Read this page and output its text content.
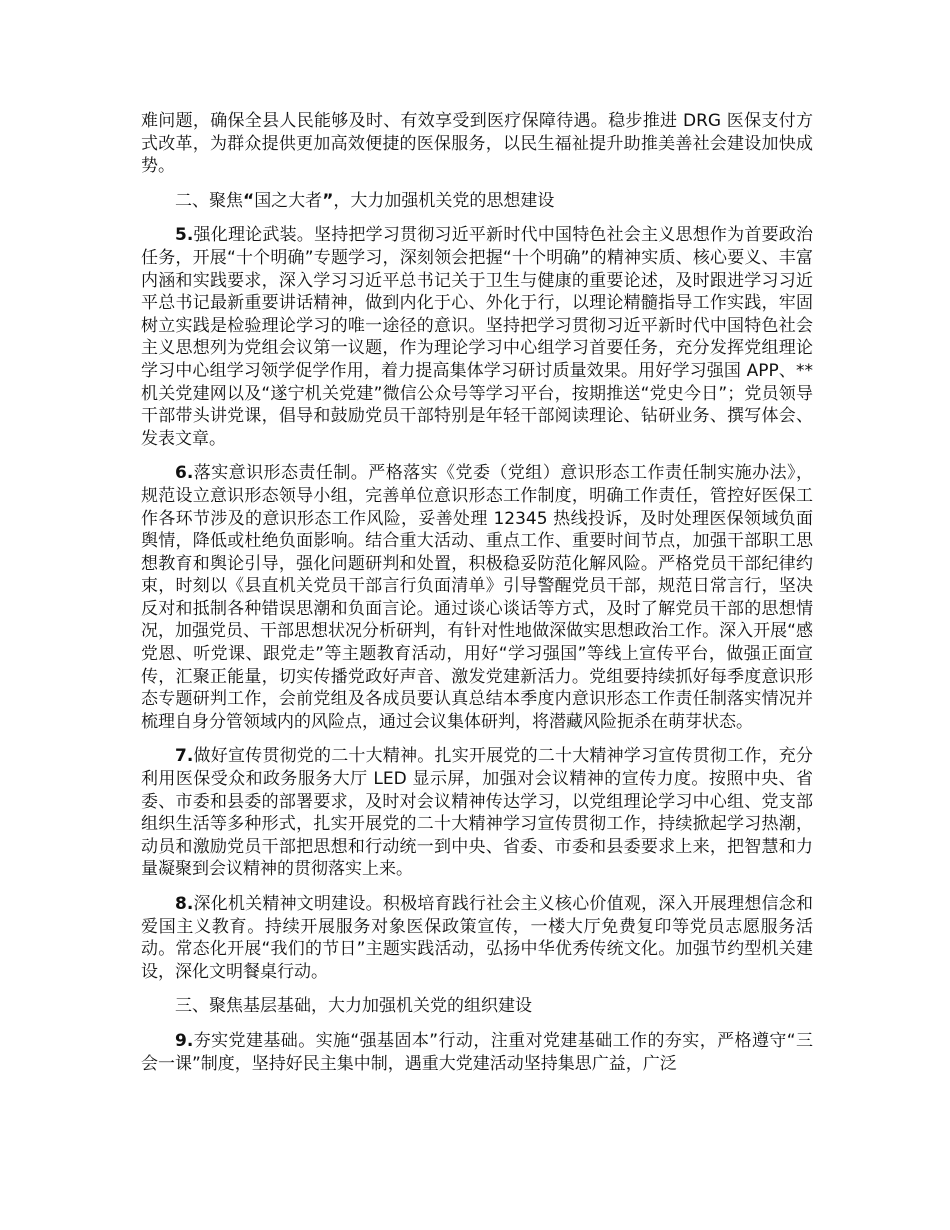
难问题，确保全县人民能够及时、有效享受到医疗保障待遇。稳步推进 DRG 医保支付方式改革，为群众提供更加高效便捷的医保服务，以民生福祉提升助推美善社会建设加快成势。

二、聚焦“国之大者”，大力加强机关党的思想建设

5.强化理论武装。坚持把学习贯彻习近平新时代中国特色社会主义思想作为首要政治任务，开展“十个明确”专题学习，深刻领会把握“十个明确”的精神实质、核心要义、丰富内涵和实践要求，深入学习习近平总书记关于卫生与健康的重要论述，及时跟进学习习近平总书记最新重要讲话精神，做到内化于心、外化于行，以理论精髓指导工作实践，牢固树立实践是检验理论学习的唯一途径的意识。坚持把学习贯彻习近平新时代中国特色社会主义思想列为党组会议第一议题，作为理论学习中心组学习首要任务，充分发挥党组理论学习中心组学习领学促学作用，着力提高集体学习研讨质量效果。用好学习强国 APP、**机关党建网以及“遂宁机关党建”微信公众号等学习平台，按期推送“党史今日”；党员领导干部带头讲党课，倡导和鼓励党员干部特别是年轻干部阅读理论、钻研业务、撰写体会、发表文章。

6.落实意识形态责任制。严格落实《党委（党组）意识形态工作责任制实施办法》，规范设立意识形态领导小组，完善单位意识形态工作制度，明确工作责任，管控好医保工作各环节涉及的意识形态工作风险，妥善处理 12345 热线投诉，及时处理医保领域负面舆情，降低或杜绝负面影响。结合重大活动、重点工作、重要时间节点，加强干部职工思想教育和舆论引导，强化问题研判和处置，积极稳妥防范化解风险。严格党员干部纪律约束，时刻以《县直机关党员干部言行负面清单》引导警醒党员干部，规范日常言行，坚决反对和抵制各种错误思潮和负面言论。通过谈心谈话等方式，及时了解党员干部的思想情况，加强党员、干部思想状况分析研判，有针对性地做深做实思想政治工作。深入开展“感党恩、听党课、跟党走”等主题教育活动，用好“学习强国”等线上宣传平台，做强正面宣传，汇聚正能量，切实传播党政好声音、激发党建新活力。党组要持续抓好每季度意识形态专题研判工作，会前党组及各成员要认真总结本季度内意识形态工作责任制落实情况并梳理自身分管领域内的风险点，通过会议集体研判，将潜藏风险扼杀在萌芽状态。

7.做好宣传贯彻党的二十大精神。扎实开展党的二十大精神学习宣传贯彻工作，充分利用医保受众和政务服务大厅 LED 显示屏，加强对会议精神的宣传力度。按照中央、省委、市委和县委的部署要求，及时对会议精神传达学习，以党组理论学习中心组、党支部组织生活等多种形式，扎实开展党的二十大精神学习宣传贯彻工作，持续掀起学习热潮，动员和激励党员干部把思想和行动统一到中央、省委、市委和县委要求上来，把智慧和力量凝聚到会议精神的贯彻落实上来。

8.深化机关精神文明建设。积极培育践行社会主义核心价值观，深入开展理想信念和爱国主义教育。持续开展服务对象医保政策宣传，一楼大厅免费复印等党员志愿服务活动。常态化开展“我们的节日”主题实践活动，弘扬中华优秀传统文化。加强节约型机关建设，深化文明餐桌行动。

三、聚焦基层基础，大力加强机关党的组织建设

9.夯实党建基础。实施“强基固本”行动，注重对党建基础工作的夯实，严格遵守“三会一课”制度，坚持好民主集中制，遇重大党建活动坚持集思广益，广泛
